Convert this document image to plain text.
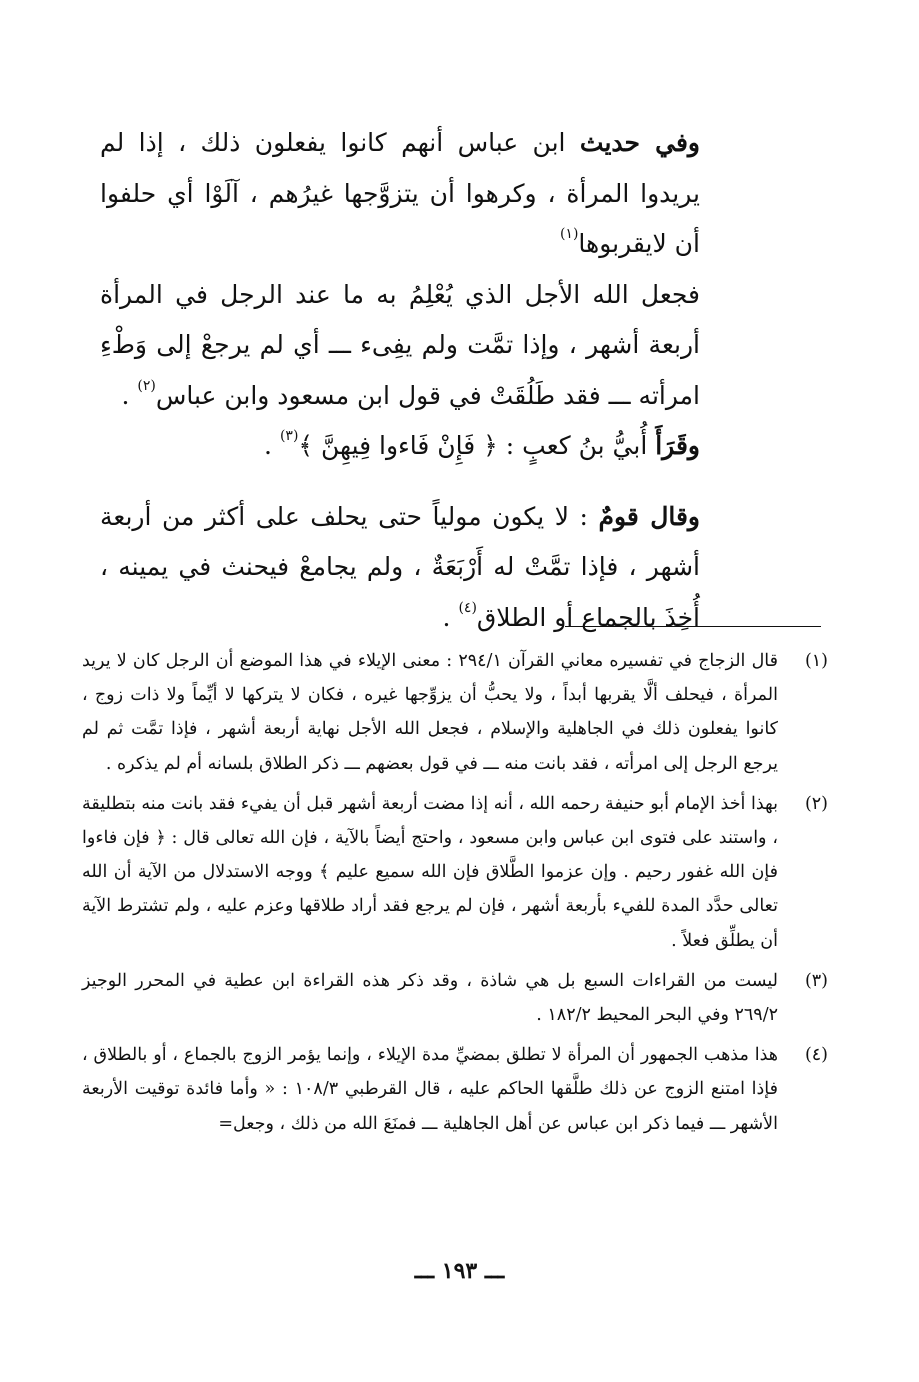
وفي حديث ابن عباس أنهم كانوا يفعلون ذلك ، إذا لم يريدوا المرأة ، وكرهوا أن يتزوَّجها غيرُهم ، آلَوْا أي حلفوا أن لايقربوها$^{(١)}$

فجعل الله الأجل الذي يُعْلِمُ به ما عند الرجل في المرأة أربعة أشهر ، وإذا تمَّت ولم يفِىء ـــ أي لم يرجعْ إلى وَطْءِ امرأته ـــ فقد طَلُقَتْ في قول ابن مسعود وابن عباس$^{(٢)}$ .

وقَرَأَ أُبيُّ بنُ كعبٍ : ﴿ فَإِنْ فَاءوا فِيهِنَّ ﴾$^{(٣)}$ .

وقال قومٌ : لا يكون مولياً حتى يحلف على أكثر من أربعة أشهر ، فإذا تمَّتْ له أَرْبَعَةٌ ، ولم يجامعْ فيحنث في يمينه ، أُخِذَ بالجماع أو الطلاق$^{(٤)}$ .

(١)
قال الزجاج في تفسيره معاني القرآن ٢٩٤/١ : معنى الإيلاء في هذا الموضع أن الرجل كان لا يريد المرأة ، فيحلف ألَّا يقربها أبداً ، ولا يحبُّ أن يزوِّجها غيره ، فكان لا يتركها لا أيِّماً ولا ذات زوج ، كانوا يفعلون ذلك في الجاهلية والإسلام ، فجعل الله الأجل نهاية أربعة أشهر ، فإذا تمَّت ثم لم يرجع الرجل إلى امرأته ، فقد بانت منه ـــ في قول بعضهم ـــ ذكر الطلاق بلسانه أم لم يذكره .
(٢)
بهذا أخذ الإمام أبو حنيفة رحمه الله ، أنه إذا مضت أربعة أشهر قبل أن يفيء فقد بانت منه بتطليقة ، واستند على فتوى ابن عباس وابن مسعود ، واحتج أيضاً بالآية ، فإن الله تعالى قال : ﴿ فإن فاءوا فإن الله غفور رحيم . وإن عزموا الطَّلاق فإن الله سميع عليم ﴾ ووجه الاستدلال من الآية أن الله تعالى حدَّد المدة للفيء بأربعة أشهر ، فإن لم يرجع فقد أراد طلاقها وعزم عليه ، ولم تشترط الآية أن يطلِّق فعلاً .
(٣)
ليست من القراءات السبع بل هي شاذة ، وقد ذكر هذه القراءة ابن عطية في المحرر الوجيز ٢٦٩/٢ وفي البحر المحيط ١٨٢/٢ .
(٤)
هذا مذهب الجمهور أن المرأة لا تطلق بمضيِّ مدة الإيلاء ، وإنما يؤمر الزوج بالجماع ، أو بالطلاق ، فإذا امتنع الزوج عن ذلك طلَّقها الحاكم عليه ، قال القرطبي ١٠٨/٣ : « وأما فائدة توقيت الأربعة الأشهر ـــ فيما ذكر ابن عباس عن أهل الجاهلية ـــ فمنَعَ الله من ذلك ، وجعل=
ـــ ١٩٣ ـــ
